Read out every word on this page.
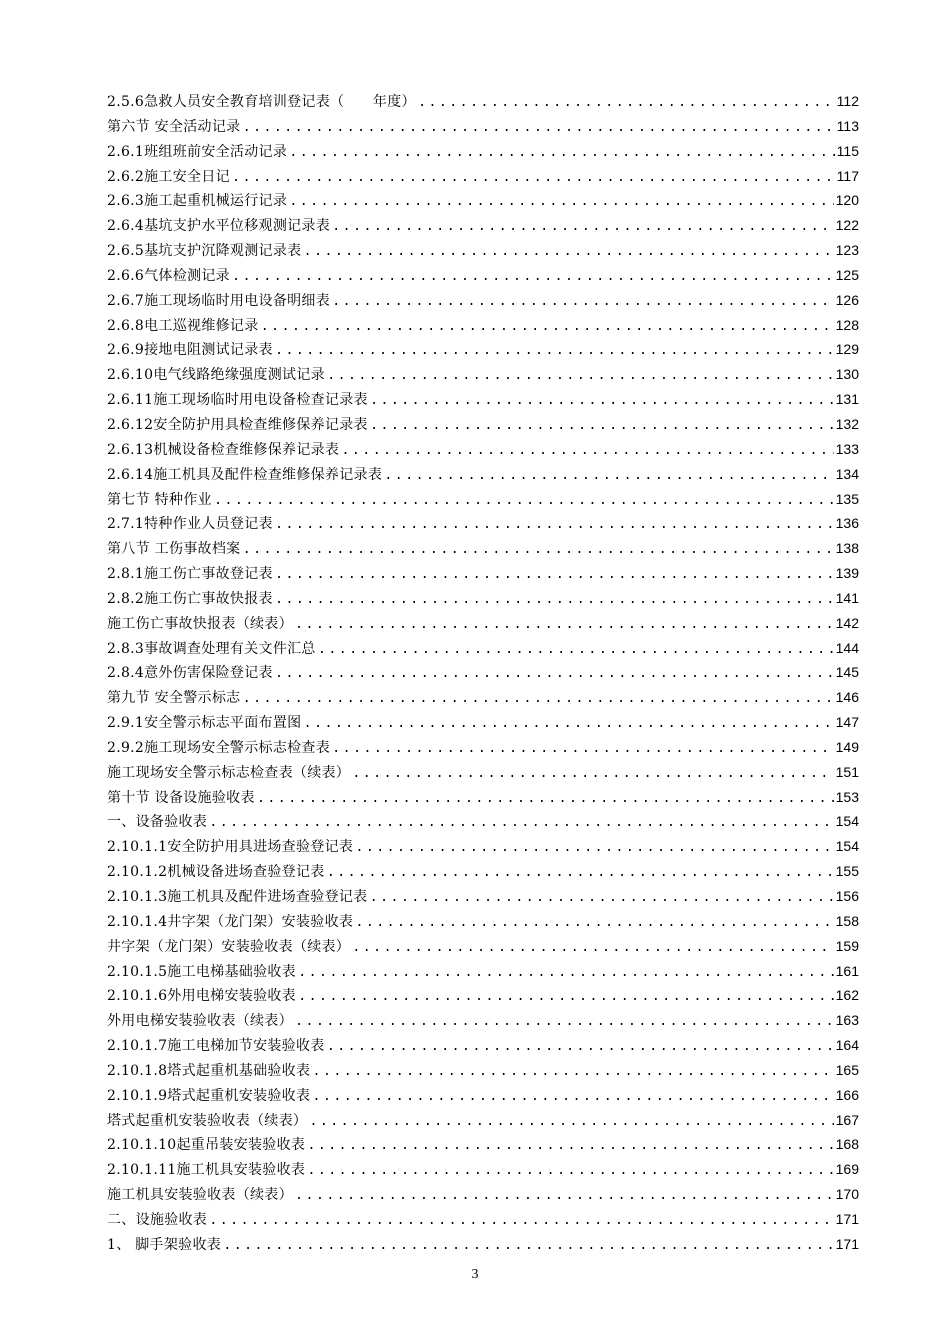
2.5.6急救人员安全教育培训登记表（　　年度） .....	112
第六节 安全活动记录 .....	113
2.6.1班组班前安全活动记录 .....	115
2.6.2施工安全日记 .....	117
2.6.3施工起重机械运行记录 .....	120
2.6.4基坑支护水平位移观测记录表 .....	122
2.6.5基坑支护沉降观测记录表 .....	123
2.6.6气体检测记录 .....	125
2.6.7施工现场临时用电设备明细表 .....	126
2.6.8电工巡视维修记录 .....	128
2.6.9接地电阻测试记录表 .....	129
2.6.10电气线路绝缘强度测试记录 .....	130
2.6.11施工现场临时用电设备检查记录表 .....	131
2.6.12安全防护用具检查维修保养记录表 .....	132
2.6.13机械设备检查维修保养记录表 .....	133
2.6.14施工机具及配件检查维修保养记录表 .....	134
第七节 特种作业 .....	135
2.7.1特种作业人员登记表 .....	136
第八节 工伤事故档案 .....	138
2.8.1施工伤亡事故登记表 .....	139
2.8.2施工伤亡事故快报表 .....	141
施工伤亡事故快报表（续表） .....	142
2.8.3事故调查处理有关文件汇总 .....	144
2.8.4意外伤害保险登记表 .....	145
第九节 安全警示标志 .....	146
2.9.1安全警示标志平面布置图 .....	147
2.9.2施工现场安全警示标志检查表 .....	149
施工现场安全警示标志检查表（续表） .....	151
第十节 设备设施验收表 .....	153
一、设备验收表 .....	154
2.10.1.1安全防护用具进场查验登记表 .....	154
2.10.1.2机械设备进场查验登记表 .....	155
2.10.1.3施工机具及配件进场查验登记表 .....	156
2.10.1.4井字架（龙门架）安装验收表 .....	158
井字架（龙门架）安装验收表（续表） .....	159
2.10.1.5施工电梯基础验收表 .....	161
2.10.1.6外用电梯安装验收表 .....	162
外用电梯安装验收表（续表） .....	163
2.10.1.7施工电梯加节安装验收表 .....	164
2.10.1.8塔式起重机基础验收表 .....	165
2.10.1.9塔式起重机安装验收表 .....	166
塔式起重机安装验收表（续表） .....	167
2.10.1.10起重吊装安装验收表 .....	168
2.10.1.11施工机具安装验收表 .....	169
施工机具安装验收表（续表） .....	170
二、设施验收表 .....	171
1、 脚手架验收表 .....	171
3
